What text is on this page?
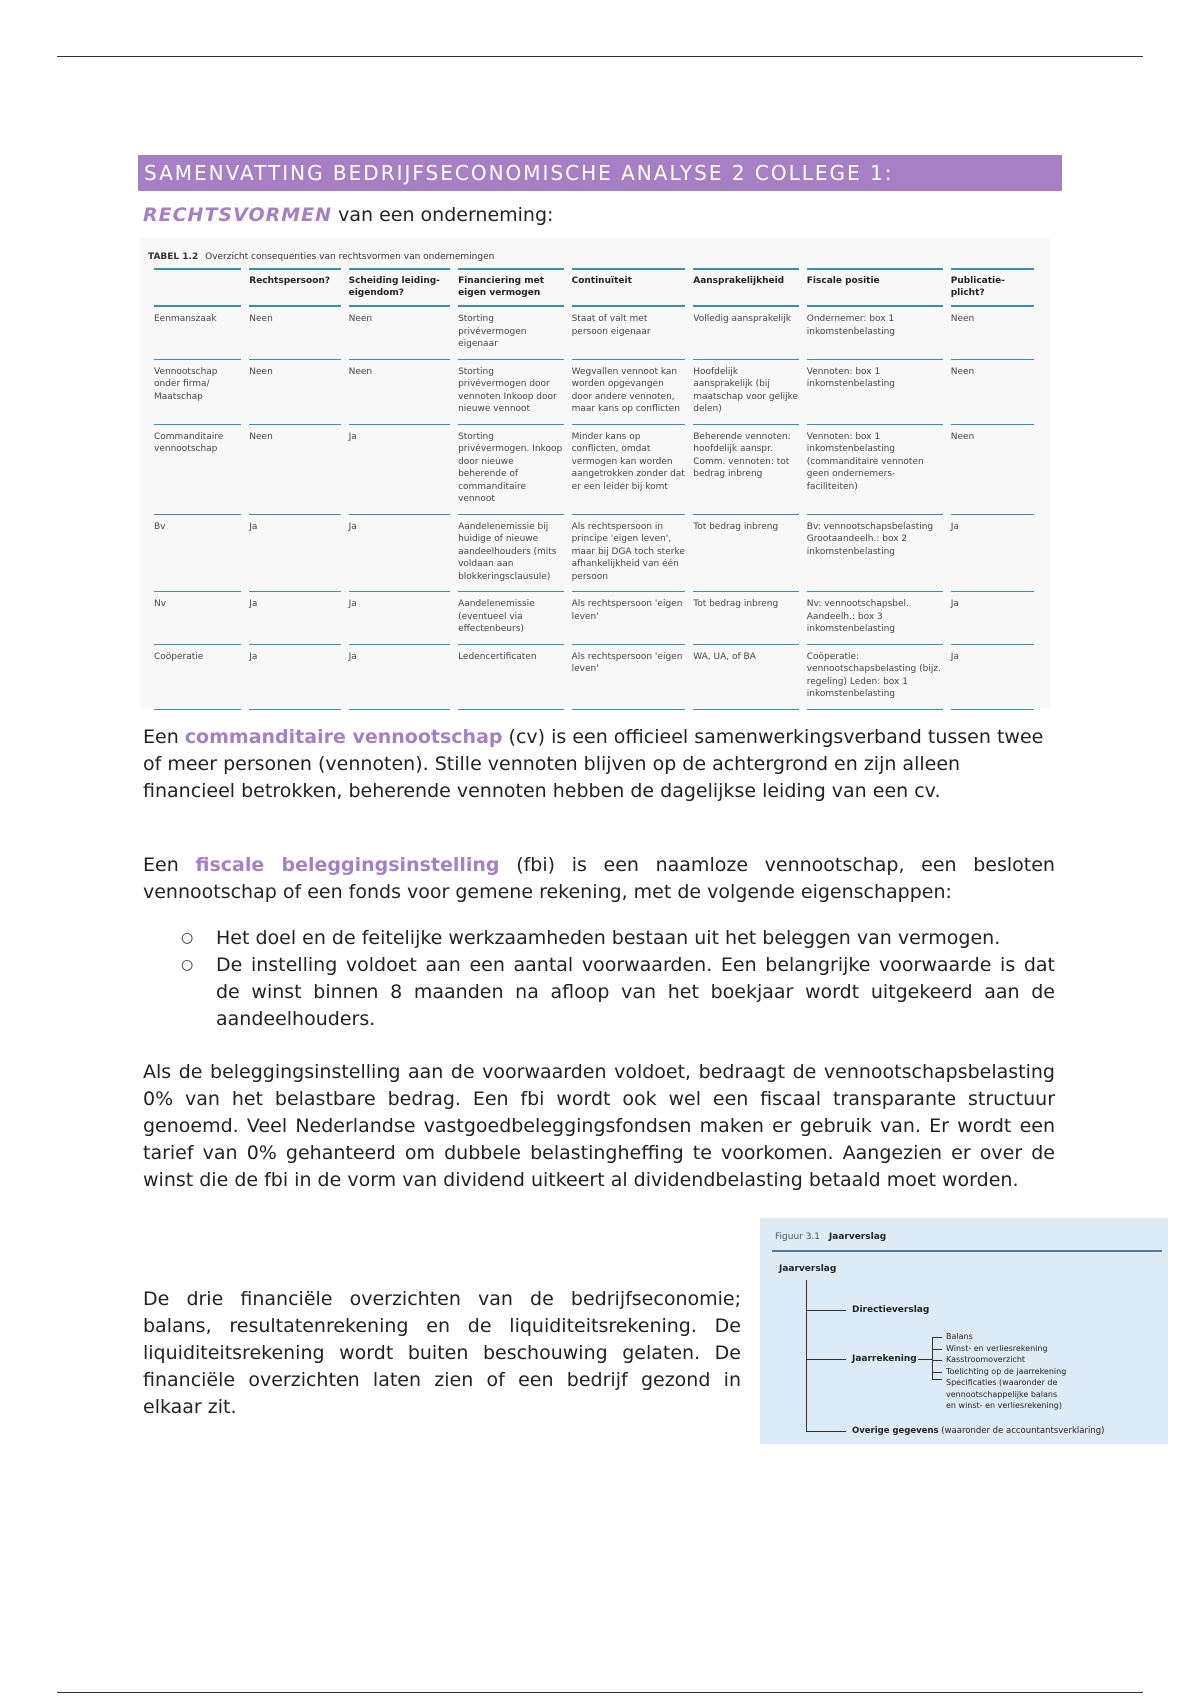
SAMENVATTING BEDRIJFSECONOMISCHE ANALYSE 2 COLLEGE 1:
RECHTSVORMEN van een onderneming:
TABEL 1.2 Overzicht consequenties van rechtsvormen van ondernemingen
	Rechtspersoon?	Scheiding leiding-eigendom?	Financiering met eigen vermogen	Continuïteit	Aansprakelijkheid	Fiscale positie	Publicatie-plicht?
Eenmanszaak	Neen	Neen	Storting privévermogen eigenaar	Staat of valt met persoon eigenaar	Volledig aansprakelijk	Ondernemer: box 1 inkomstenbelasting	Neen
Vennootschap onder firma/ Maatschap	Neen	Neen	Storting privévermogen door vennoten Inkoop door nieuwe vennoot	Wegvallen vennoot kan worden opgevangen door andere vennoten, maar kans op conflicten	Hoofdelijk aansprakelijk (bij maatschap voor gelijke delen)	Vennoten: box 1 inkomstenbelasting	Neen
Commanditaire vennootschap	Neen	Ja	Storting privévermogen. Inkoop door nieuwe beherende of commanditaire vennoot	Minder kans op conflicten, omdat vermogen kan worden aangetrokken zonder dat er een leider bij komt	Beherende vennoten: hoofdelijk aanspr. Comm. vennoten: tot bedrag inbreng	Vennoten: box 1 inkomstenbelasting (commanditaire vennoten geen ondernemers-faciliteiten)	Neen
Bv	Ja	Ja	Aandelenemissie bij huidige of nieuwe aandeelhouders (mits voldaan aan blokkeringsclausule)	Als rechtspersoon in principe 'eigen leven', maar bij DGA toch sterke afhankelijkheid van één persoon	Tot bedrag inbreng	Bv: vennootschapsbelasting Grootaandeelh.: box 2 inkomstenbelasting	Ja
Nv	Ja	Ja	Aandelenemissie (eventueel via effectenbeurs)	Als rechtspersoon 'eigen leven'	Tot bedrag inbreng	Nv: vennootschapsbel. Aandeelh.: box 3 inkomstenbelasting	Ja
Coöperatie	Ja	Ja	Ledencertificaten	Als rechtspersoon 'eigen leven'	WA, UA, of BA	Coöperatie: vennootschapsbelasting (bijz. regeling) Leden: box 1 inkomstenbelasting	Ja

Een commanditaire vennootschap (cv) is een officieel samenwerkingsverband tussen twee of meer personen (vennoten). Stille vennoten blijven op de achtergrond en zijn alleen financieel betrokken, beherende vennoten hebben de dagelijkse leiding van een cv.

Een fiscale beleggingsinstelling (fbi) is een naamloze vennootschap, een besloten vennootschap of een fonds voor gemene rekening, met de volgende eigenschappen:

○ Het doel en de feitelijke werkzaamheden bestaan uit het beleggen van vermogen.
○ De instelling voldoet aan een aantal voorwaarden. Een belangrijke voorwaarde is dat de winst binnen 8 maanden na afloop van het boekjaar wordt uitgekeerd aan de aandeelhouders.

Als de beleggingsinstelling aan de voorwaarden voldoet, bedraagt de vennootschapsbelasting 0% van het belastbare bedrag. Een fbi wordt ook wel een fiscaal transparante structuur genoemd. Veel Nederlandse vastgoedbeleggingsfondsen maken er gebruik van. Er wordt een tarief van 0% gehanteerd om dubbele belastingheffing te voorkomen. Aangezien er over de winst die de fbi in de vorm van dividend uitkeert al dividendbelasting betaald moet worden.

De drie financiële overzichten van de bedrijfseconomie; balans, resultatenrekening en de liquiditeitsrekening. De liquiditeitsrekening wordt buiten beschouwing gelaten. De financiële overzichten laten zien of een bedrijf gezond in elkaar zit.

Figuur 3.1 Jaarverslag
Jaarverslag
Directieverslag
Jaarrekening
Balans
Winst- en verliesrekening
Kasstroomoverzicht
Toelichting op de jaarrekening
Specificaties (waaronder de
vennootschappelijke balans
en winst- en verliesrekening)
Overige gegevens (waaronder de accountantsverklaring)
